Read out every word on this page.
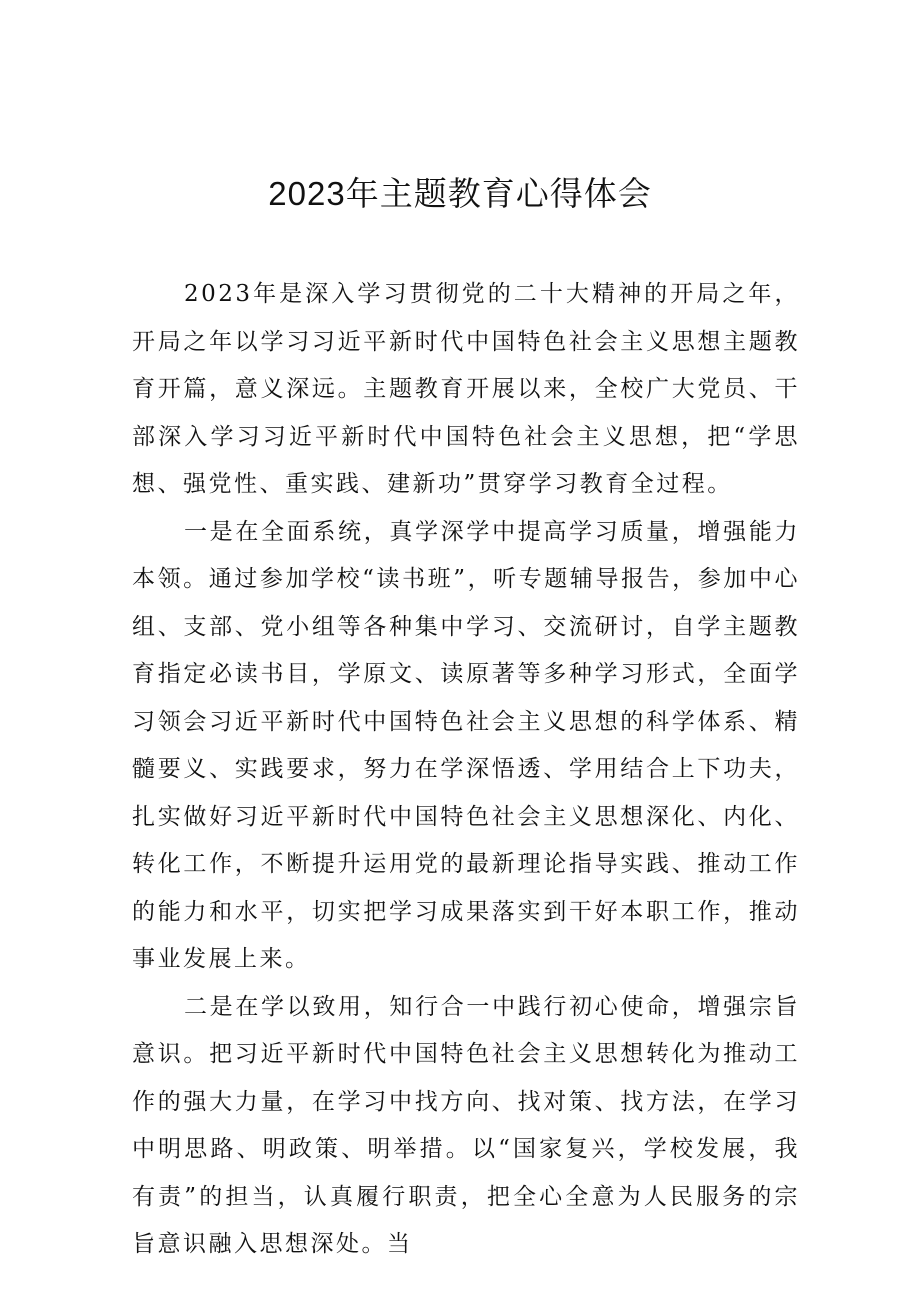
2023年主题教育心得体会

2023年是深入学习贯彻党的二十大精神的开局之年，开局之年以学习习近平新时代中国特色社会主义思想主题教育开篇，意义深远。主题教育开展以来，全校广大党员、干部深入学习习近平新时代中国特色社会主义思想，把“学思想、强党性、重实践、建新功”贯穿学习教育全过程。

一是在全面系统，真学深学中提高学习质量，增强能力本领。通过参加学校“读书班”，听专题辅导报告，参加中心组、支部、党小组等各种集中学习、交流研讨，自学主题教育指定必读书目，学原文、读原著等多种学习形式，全面学习领会习近平新时代中国特色社会主义思想的科学体系、精髓要义、实践要求，努力在学深悟透、学用结合上下功夫，扎实做好习近平新时代中国特色社会主义思想深化、内化、转化工作，不断提升运用党的最新理论指导实践、推动工作的能力和水平，切实把学习成果落实到干好本职工作，推动事业发展上来。

二是在学以致用，知行合一中践行初心使命，增强宗旨意识。把习近平新时代中国特色社会主义思想转化为推动工作的强大力量，在学习中找方向、找对策、找方法，在学习中明思路、明政策、明举措。以“国家复兴，学校发展，我有责”的担当，认真履行职责，把全心全意为人民服务的宗旨意识融入思想深处。当
